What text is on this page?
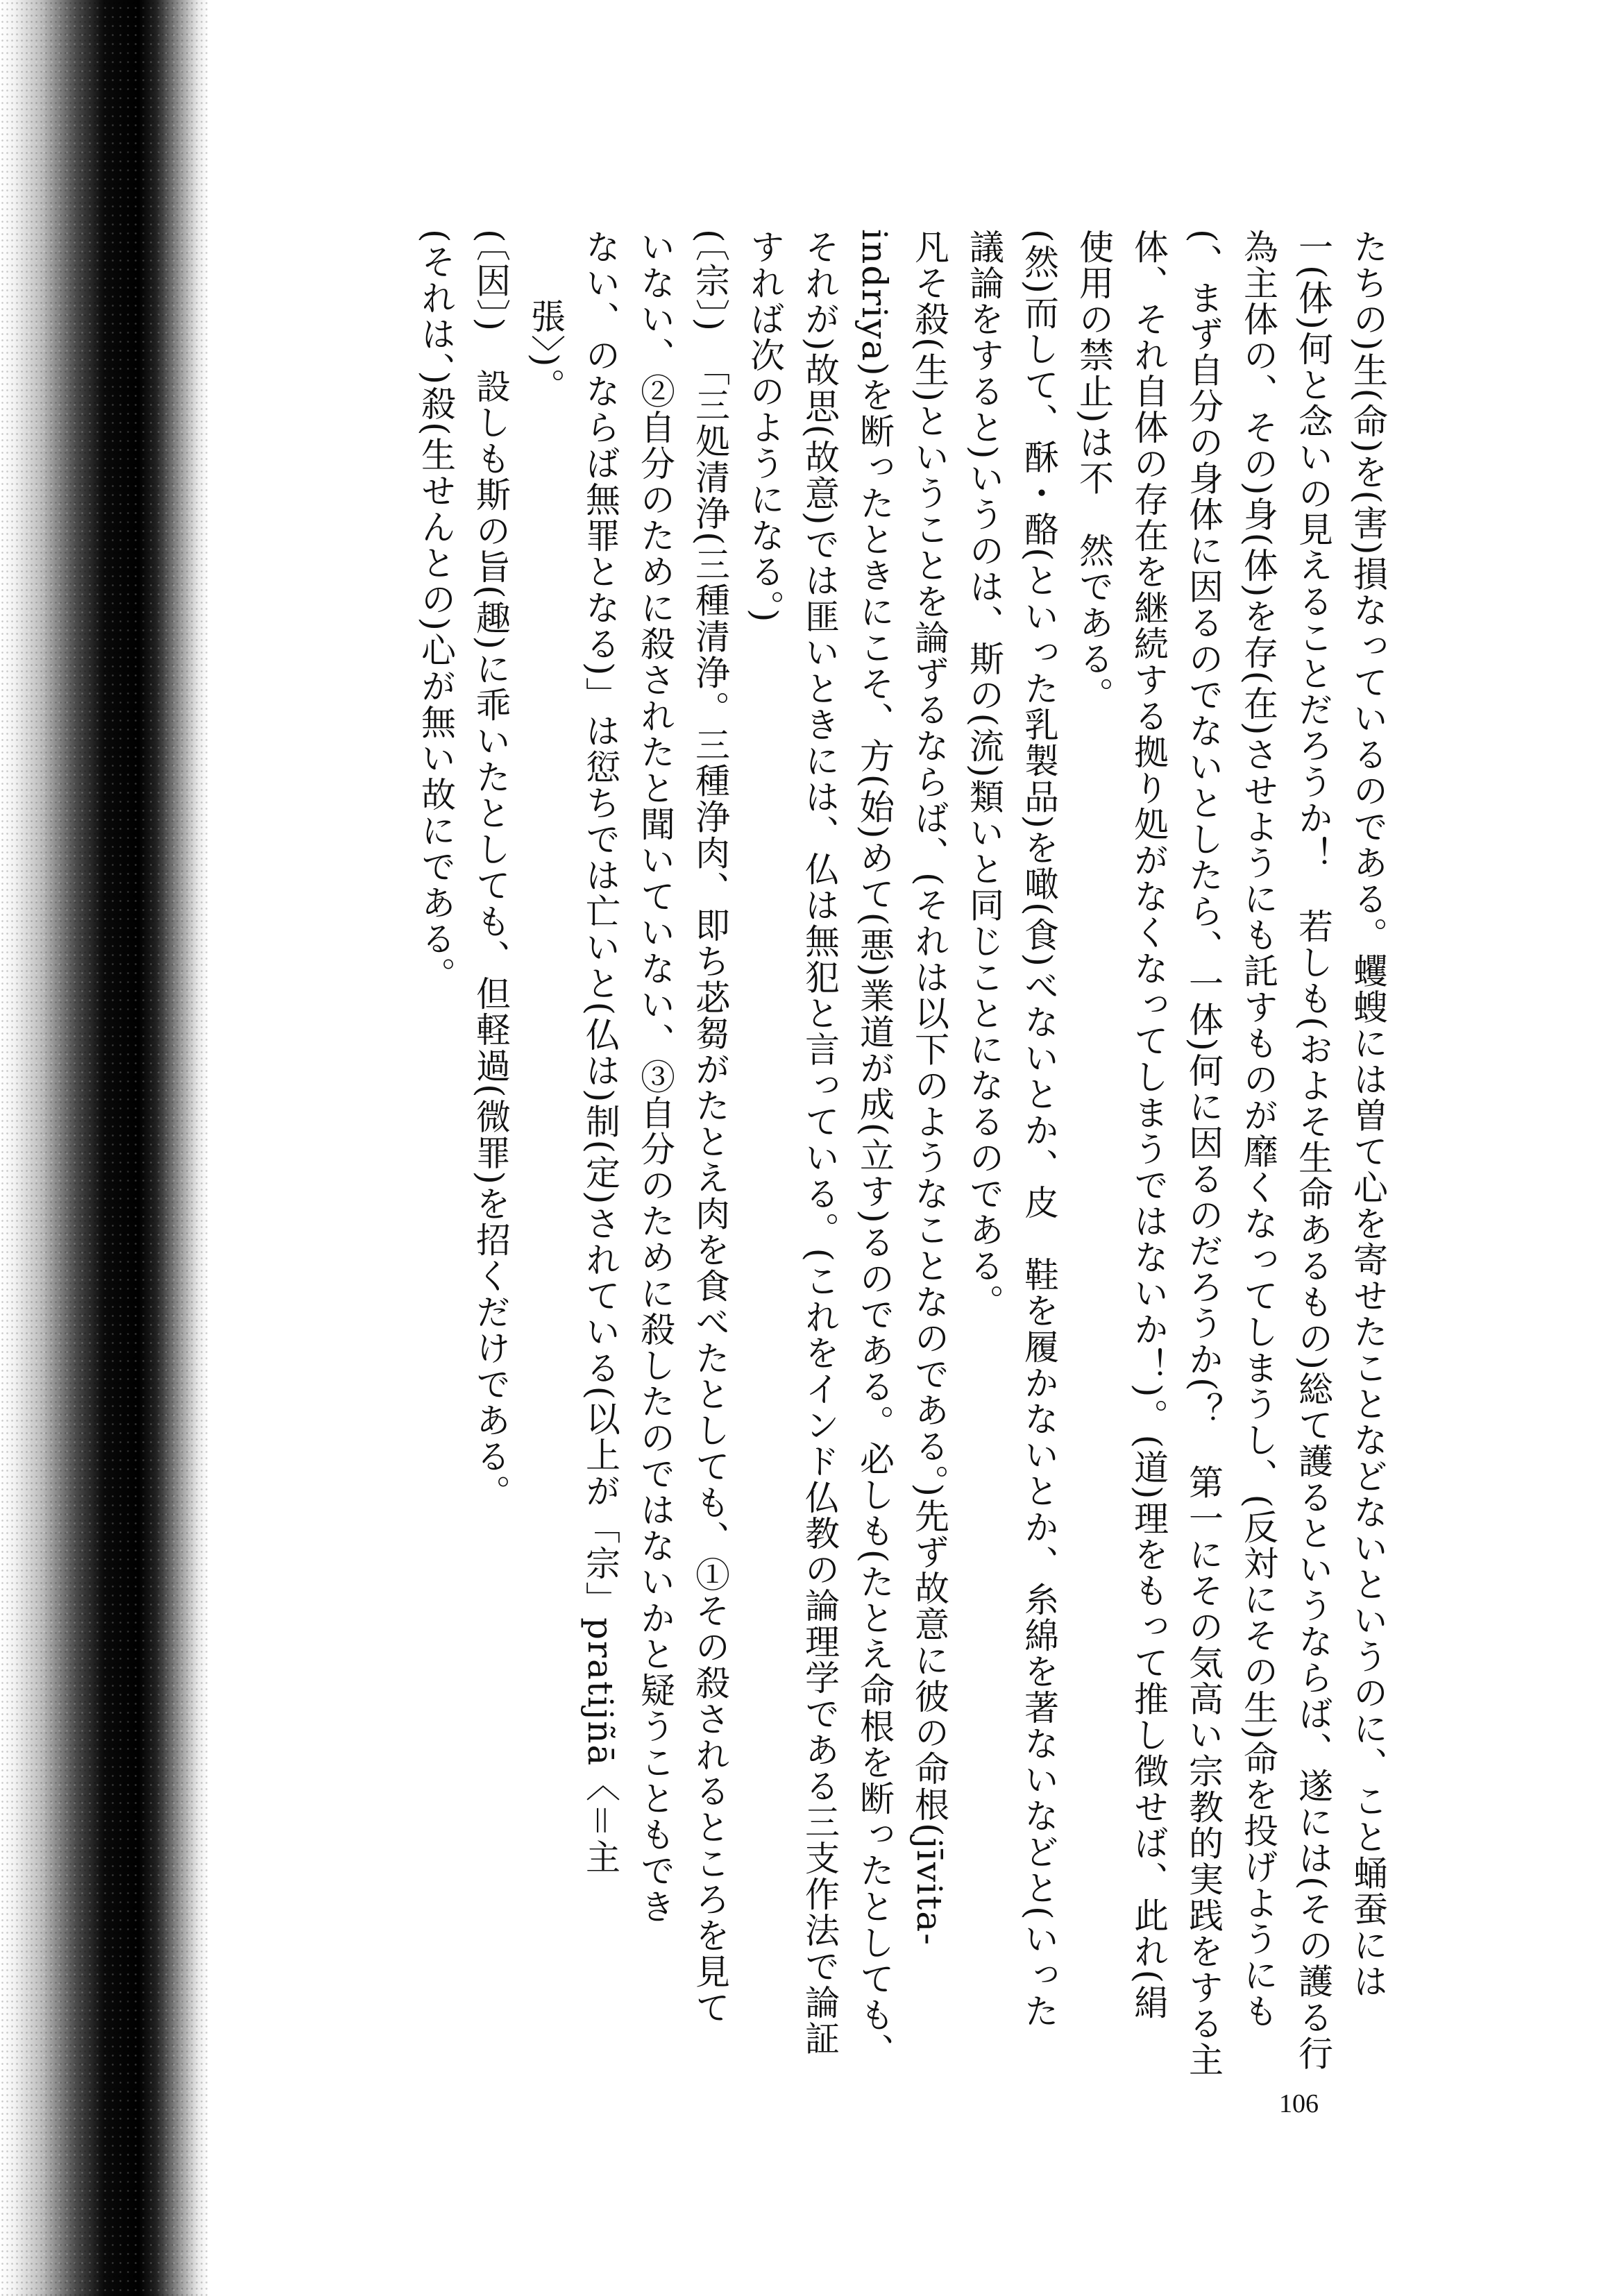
たちの)生(命)を(害)損なっているのである。蠼螋には曽て心を寄せたことなどないというのに、こと蛹蚕には

一(体)何と念いの見えることだろうか！　若しも(およそ生命あるもの)総て護るというならば、遂には(その護る行

為主体の、その)身(体)を存(在)させようにも託すものが靡くなってしまうし、(反対にその生)命を投げようにも

(、まず自分の身体に因るのでないとしたら、一体)何に因るのだろうか(？　第一にその気高い宗教的実践をする主

体、それ自体の存在を継続する拠り処がなくなってしまうではないか！)。(道)理をもって推し徴せば、此れ(絹

使用の禁止)は不　然である。

(然)而して、酥・酪(といった乳製品)を噉(食)べないとか、皮　鞋を履かないとか、糸綿を著ないなどと(いった

議論をすると)いうのは、斯の(流)類いと同じことになるのである。

凡そ殺(生)ということを論ずるならば、(それは以下のようなことなのである。)先ず故意に彼の命根(jīvita-

indriya)を断ったときにこそ、方(始)めて(悪)業道が成(立す)るのである。必しも(たとえ命根を断ったとしても、

それが)故思(故意)では匪いときには、仏は無犯と言っている。(これをインド仏教の論理学である三支作法で論証

すれば次のようになる。)

(〔宗〕)　「三処清浄(三種清浄。三種浄肉、即ち苾芻がたとえ肉を食べたとしても、①その殺されるところを見て

いない、②自分のために殺されたと聞いていない、③自分のために殺したのではないかと疑うこともでき

ない、のならば無罪となる)」は愆ちでは亡いと(仏は)制(定)されている(以上が「宗」pratijñā〈＝主

張〉)。

(〔因〕)　設しも斯の旨(趣)に乖いたとしても、但軽過(微罪)を招くだけである。

(それは、)殺(生せんとの)心が無い故にである。

106
